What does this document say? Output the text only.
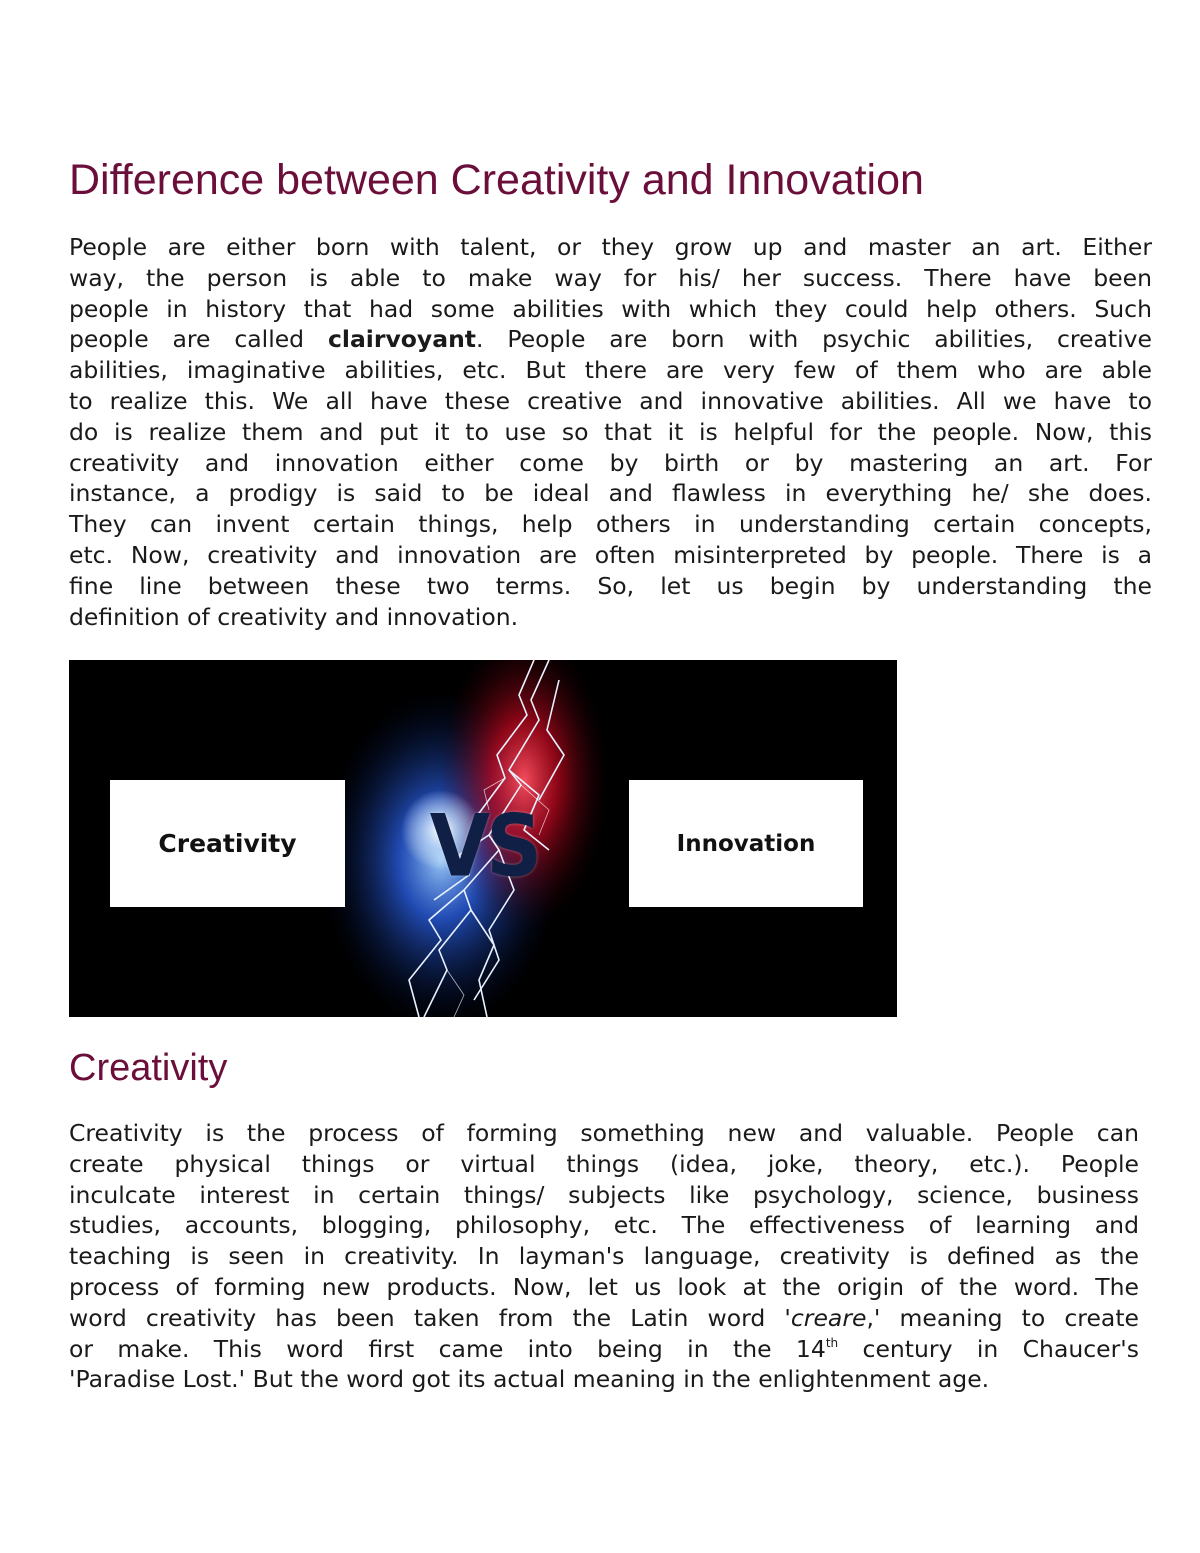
Difference between Creativity and Innovation
People are either born with talent, or they grow up and master an art. Either
way, the person is able to make way for his/ her success. There have been
people in history that had some abilities with which they could help others. Such
people are called clairvoyant. People are born with psychic abilities, creative
abilities, imaginative abilities, etc. But there are very few of them who are able
to realize this. We all have these creative and innovative abilities. All we have to
do is realize them and put it to use so that it is helpful for the people. Now, this
creativity and innovation either come by birth or by mastering an art. For
instance, a prodigy is said to be ideal and flawless in everything he/ she does.
They can invent certain things, help others in understanding certain concepts,
etc. Now, creativity and innovation are often misinterpreted by people. There is a
fine line between these two terms. So, let us begin by understanding the
definition of creativity and innovation.
Creativity	VS	Innovation
Creativity
Creativity is the process of forming something new and valuable. People can
create physical things or virtual things (idea, joke, theory, etc.). People
inculcate interest in certain things/ subjects like psychology, science, business
studies, accounts, blogging, philosophy, etc. The effectiveness of learning and
teaching is seen in creativity. In layman's language, creativity is defined as the
process of forming new products. Now, let us look at the origin of the word. The
word creativity has been taken from the Latin word 'creare,' meaning to create
or make. This word first came into being in the 14th century in Chaucer's
'Paradise Lost.' But the word got its actual meaning in the enlightenment age.
